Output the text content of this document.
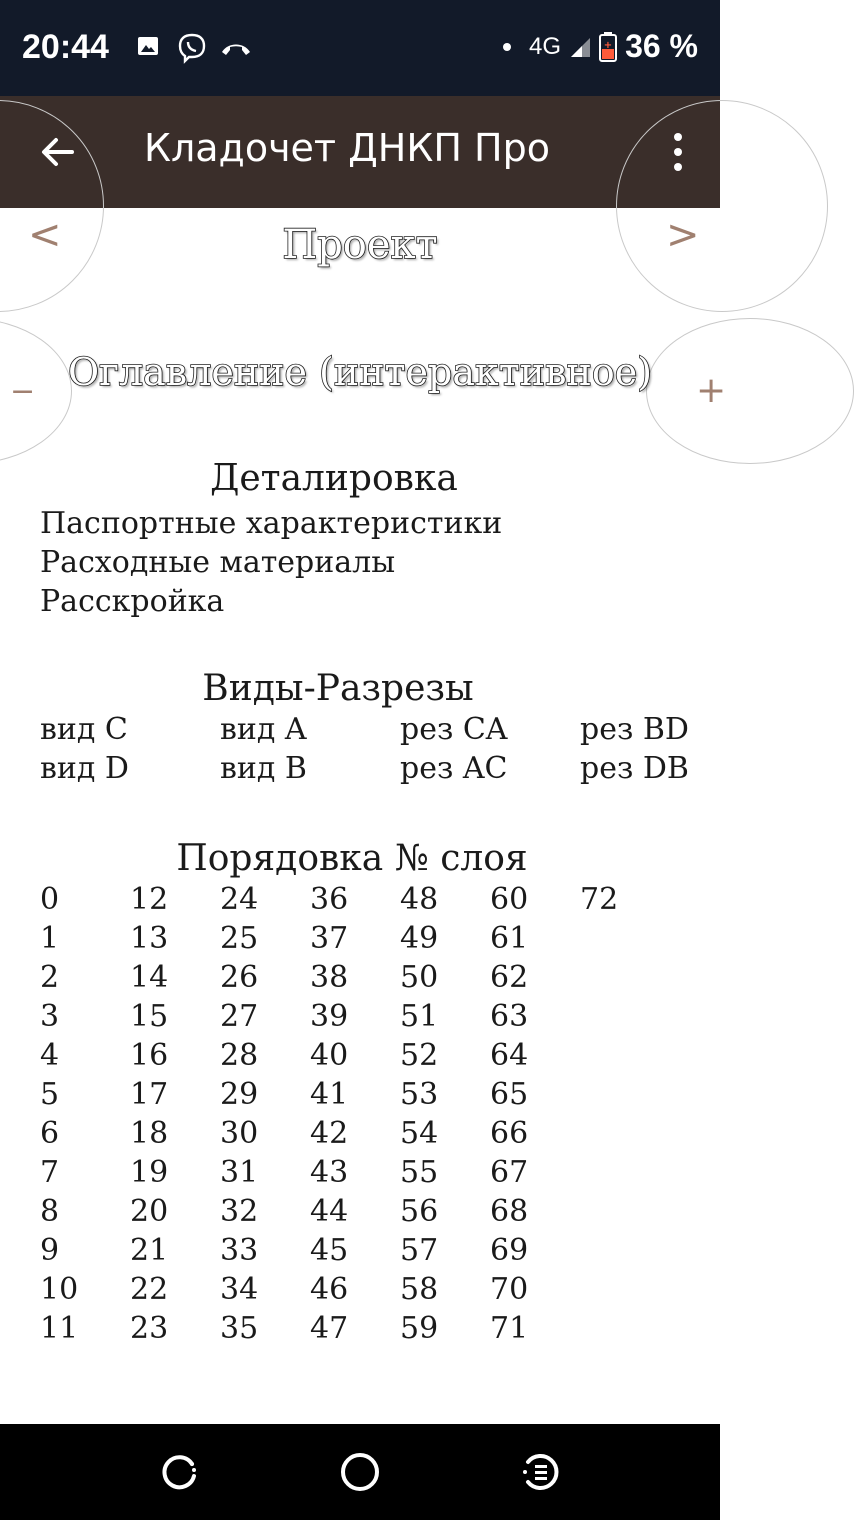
20:44	4G	+ 36 %
Кладочет ДНКП Про
<	>
−	+
Проект
Оглавление (интерактивное)
Деталировка
Паспортные характеристики
Расходные материалы
Расскройка
Виды-Разрезы
вид C	вид A	рез CA	рез BD
вид D	вид B	рез AC	рез DB
Порядовка № слоя
0	12	24	36	48	60	72
1	13	25	37	49	61
2	14	26	38	50	62
3	15	27	39	51	63
4	16	28	40	52	64
5	17	29	41	53	65
6	18	30	42	54	66
7	19	31	43	55	67
8	20	32	44	56	68
9	21	33	45	57	69
10	22	34	46	58	70
11	23	35	47	59	71
